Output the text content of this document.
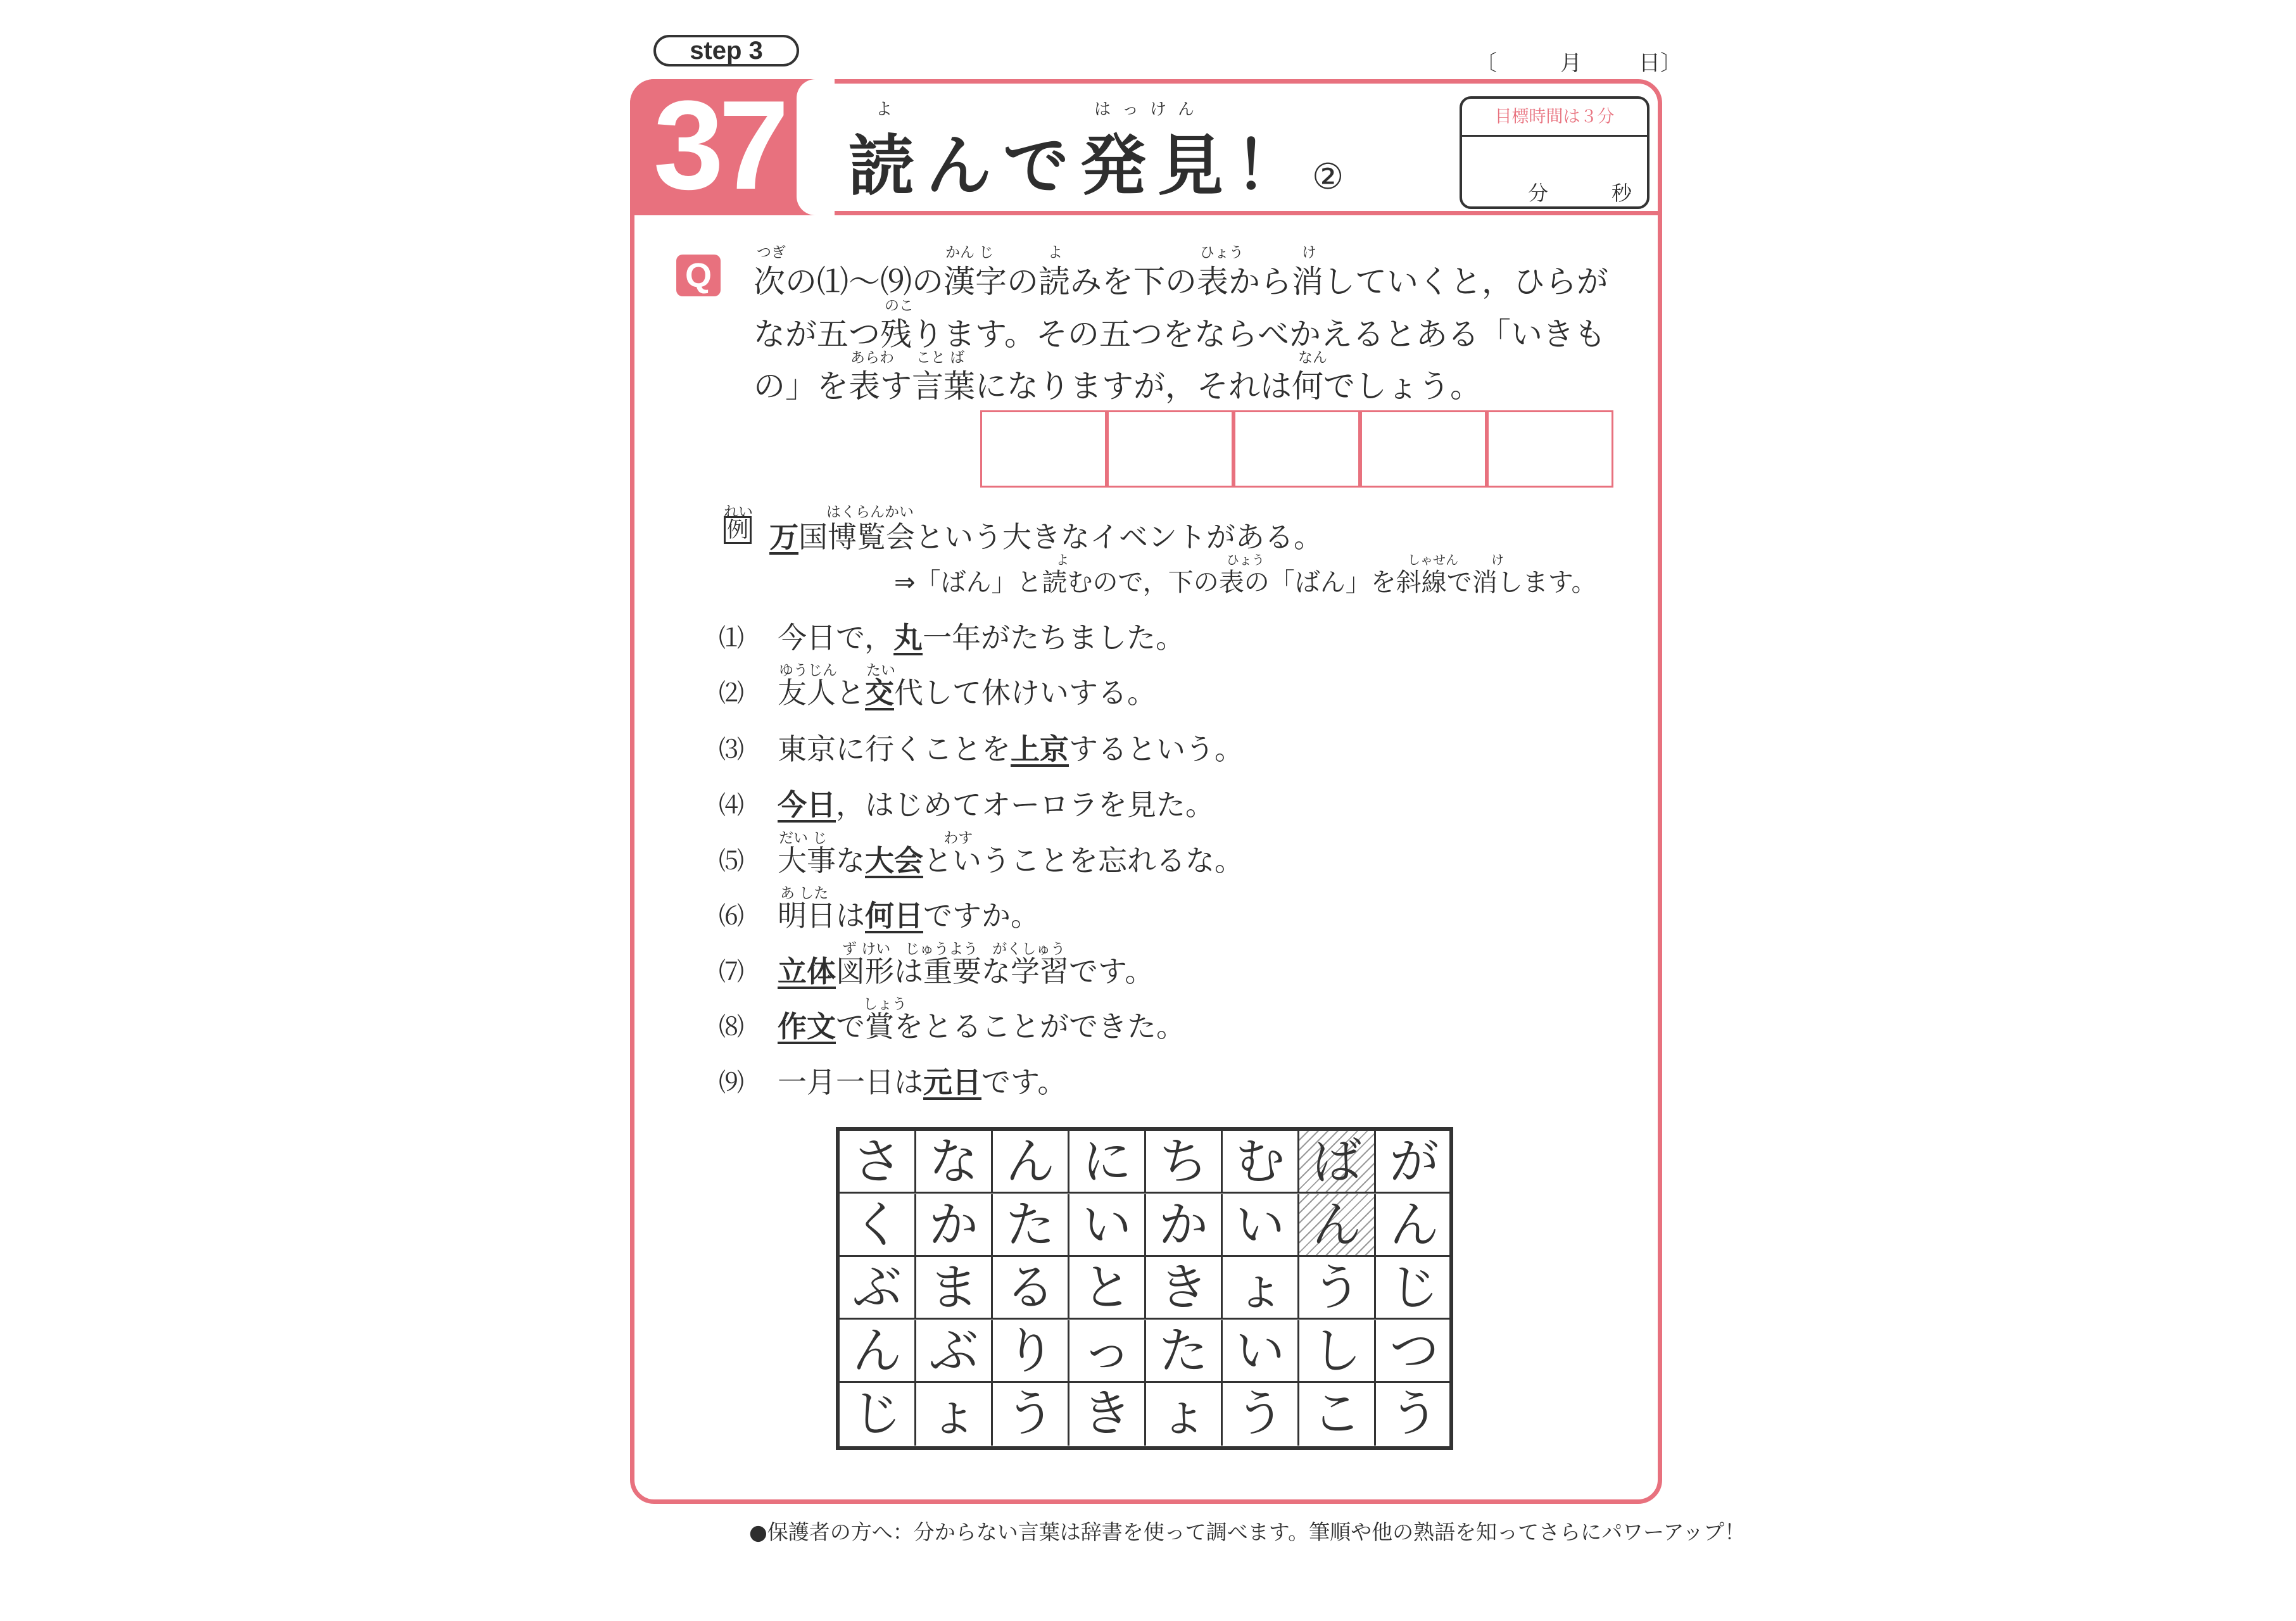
step 3	〔	月	日〕
37	よ	はっけん
読んで発見！②
目標時間は３分
分	秒
Q
つぎ	かん じ	よ	ひょう	け
次の⑴～⑼の漢字の読みを下の表から消していくと，ひらが
のこ
なが五つ残ります。その五つをならべかえるとある「いきも
あらわ こと ば	なん
の」を表す言葉になりますが，それは何でしょう。
れい
例
はくらんかい
万国博覧会という大きなイベントがある。
よ	ひょう	しゃせん	け
⇒「ばん」と読むので，下の表の「ばん」を斜線で消します。
⑴ 今日で，丸一年がたちました。
ゆうじん　　たい
⑵ 友人と交代して休けいする。
⑶ 東京に行くことを上京するという。
⑷ 今日，はじめてオーロラを見た。
だい じ　　　　　　　　わす
⑸ 大事な大会ということを忘れるな。
あ した
⑹ 明日は何日ですか。
ず けい　じゅうよう　がくしゅう
⑺ 立体図形は重要な学習です。
しょう
⑻ 作文で賞をとることができた。
⑼ 一月一日は元日です。
さ な ん に ち む ば が
く か た い か い ん ん
ぶ ま る と き ょ う じ
ん ぶ り っ た い し つ
じ ょ う き ょ う こ う
●保護者の方へ：分からない言葉は辞書を使って調べます。筆順や他の熟語を知ってさらにパワーアップ！
